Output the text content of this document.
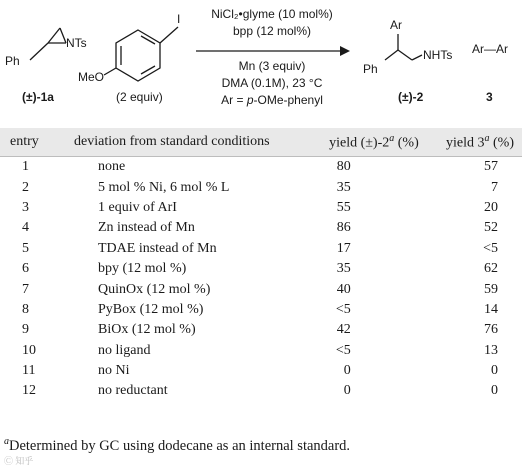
Ph
NTs
(±)-1a
MeO
I
(2 equiv)
NiCl₂•glyme (10 mol%)
bpp (12 mol%)
Mn (3 equiv)
DMA (0.1M), 23 °C
Ar = p-OMe-phenyl
Ar
Ph
NHTs
(±)-2
Ar—Ar
3
entry	deviation from standard conditions	yield $(\pm)-2^a$ (%)	yield 3$^a$ (%)
1	none	80	57
2	5 mol % Ni, 6 mol % L	35	7
3	1 equiv of ArI	55	20
4	Zn instead of Mn	86	52
5	TDAE instead of Mn	17	<5
6	bpy (12 mol %)	35	62
7	QuinOx (12 mol %)	40	59
8	PyBox (12 mol %)	<5	14
9	BiOx (12 mol %)	42	76
10	no ligand	<5	13
11	no Ni	0	0
12	no reductant	0	0
$^a$Determined by GC using dodecane as an internal standard.
Ⓒ 知乎
